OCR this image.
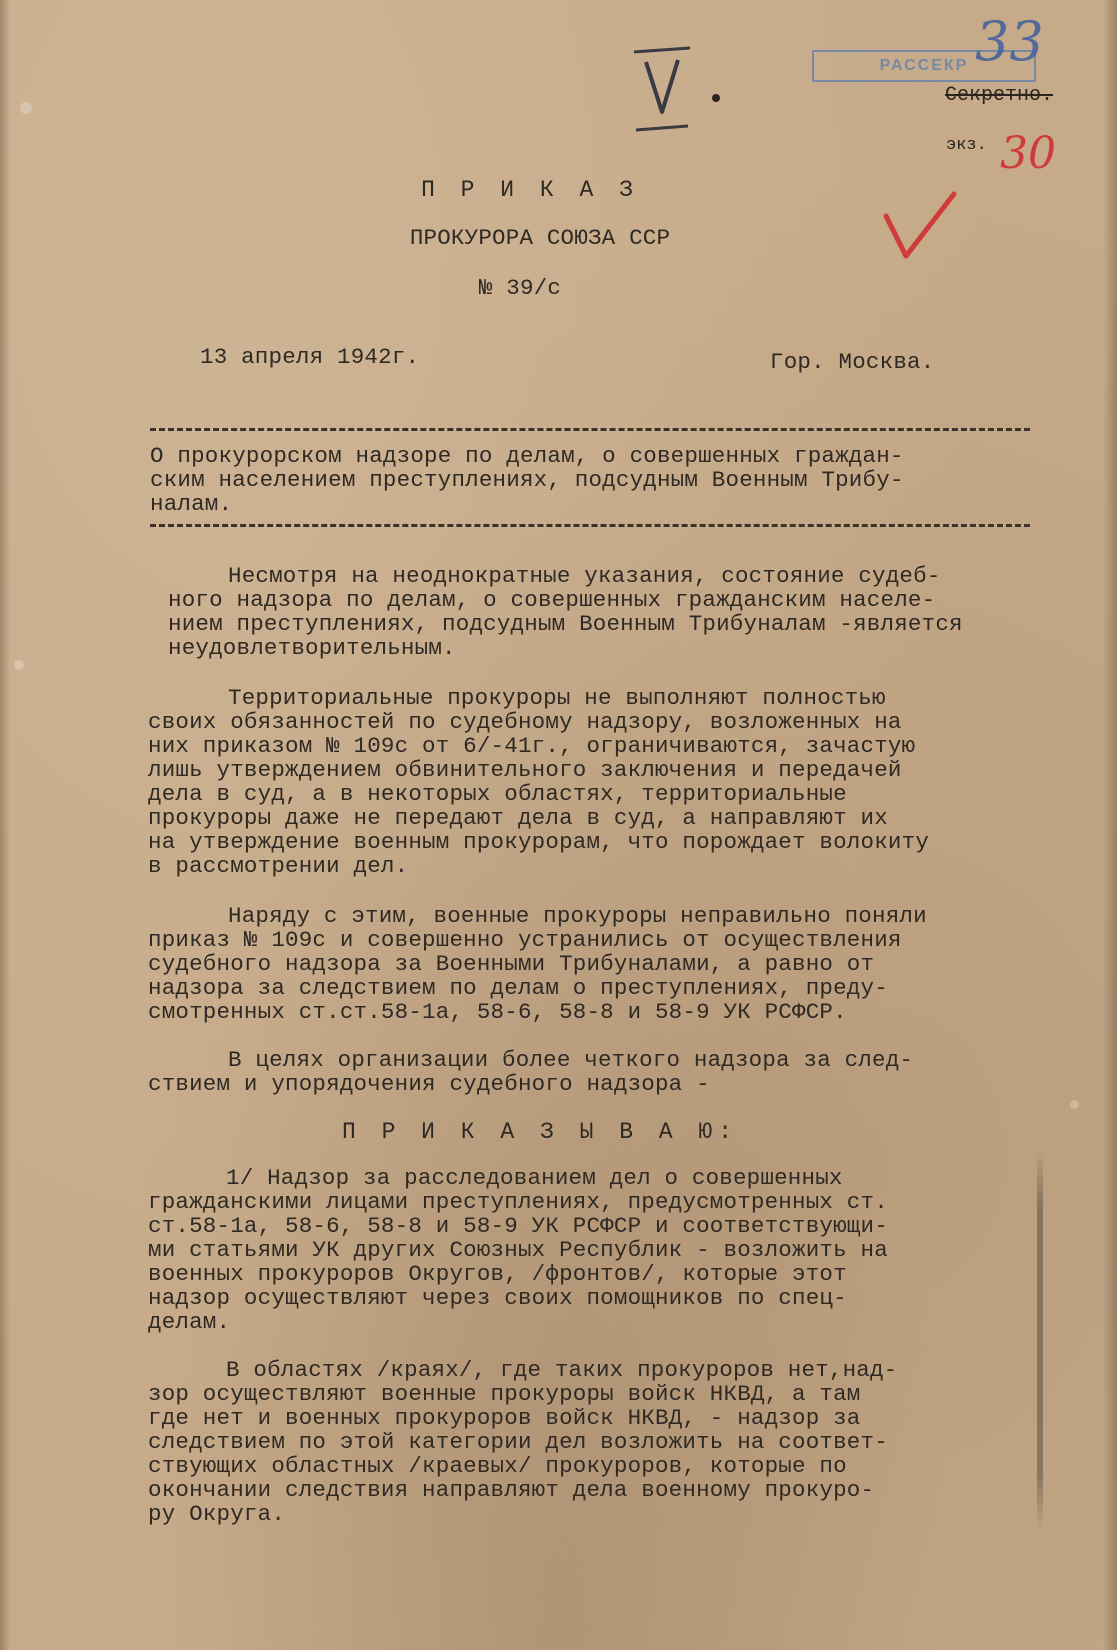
РАССЕКР 33
Секретно.
экз. 30
П Р И К А З
ПРОКУРОРА СОЮЗА ССР
№ 39/с
13 апреля 1942г.	Гор. Москва.
О прокурорском надзоре по делам, о совершенных граждан-
ским населением преступлениях, подсудным Военным Трибу-
налам.
Несмотря на неоднократные указания, состояние судеб-
ного надзора по делам, о совершенных гражданским населе-
нием преступлениях, подсудным Военным Трибуналам -является
неудовлетворительным.
Территориальные прокуроры не выполняют полностью
своих обязанностей по судебному надзору, возложенных на
них приказом № 109с от 6/-41г., ограничиваются, зачастую
лишь утверждением обвинительного заключения и передачей
дела в суд, а в некоторых областях, территориальные
прокуроры даже не передают дела в суд, а направляют их
на утверждение военным прокурорам, что порождает волокиту
в рассмотрении дел.
Наряду с этим, военные прокуроры неправильно поняли
приказ № 109с и совершенно устранились от осуществления
судебного надзора за Военными Трибуналами, а равно от
надзора за следствием по делам о преступлениях, преду-
смотренных ст.ст.58-1а, 58-6, 58-8 и 58-9 УК РСФСР.
В целях организации более четкого надзора за след-
ствием и упорядочения судебного надзора -
П Р И К А З Ы В А Ю:
1/ Надзор за расследованием дел о совершенных
гражданскими лицами преступлениях, предусмотренных ст.
ст.58-1а, 58-6, 58-8 и 58-9 УК РСФСР и соответствующи-
ми статьями УК других Союзных Республик - возложить на
военных прокуроров Округов, /фронтов/, которые этот
надзор осуществляют через своих помощников по спец-
делам.
В областях /краях/, где таких прокуроров нет,над-
зор осуществляют военные прокуроры войск НКВД, а там
где нет и военных прокуроров войск НКВД, - надзор за
следствием по этой категории дел возложить на соответ-
ствующих областных /краевых/ прокуроров, которые по
окончании следствия направляют дела военному прокуро-
ру Округа.
